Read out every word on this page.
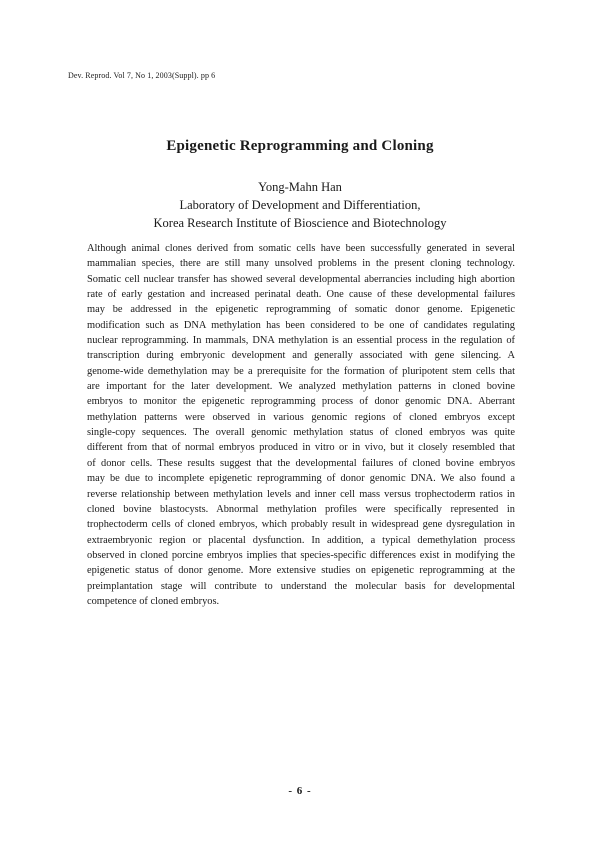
Dev. Reprod. Vol 7, No 1, 2003(Suppl). pp 6
Epigenetic Reprogramming and Cloning
Yong-Mahn Han
Laboratory of Development and Differentiation,
Korea Research Institute of Bioscience and Biotechnology
Although animal clones derived from somatic cells have been successfully generated in several
mammalian species, there are still many unsolved problems in the present cloning technology.
Somatic cell nuclear transfer has showed several developmental aberrancies including high abortion
rate of early gestation and increased perinatal death. One cause of these developmental failures
may be addressed in the epigenetic reprogramming of somatic donor genome. Epigenetic
modification such as DNA methylation has been considered to be one of candidates regulating
nuclear reprogramming. In mammals, DNA methylation is an essential process in the regulation of
transcription during embryonic development and generally associated with gene silencing. A
genome-wide demethylation may be a prerequisite for the formation of pluripotent stem cells that
are important for the later development. We analyzed methylation patterns in cloned bovine
embryos to monitor the epigenetic reprogramming process of donor genomic DNA. Aberrant
methylation patterns were observed in various genomic regions of cloned embryos except
single-copy sequences. The overall genomic methylation status of cloned embryos was quite
different from that of normal embryos produced in vitro or in vivo, but it closely resembled that
of donor cells. These results suggest that the developmental failures of cloned bovine embryos
may be due to incomplete epigenetic reprogramming of donor genomic DNA. We also found a
reverse relationship between methylation levels and inner cell mass versus trophectoderm ratios in
cloned bovine blastocysts. Abnormal methylation profiles were specifically represented in
trophectoderm cells of cloned embryos, which probably result in widespread gene dysregulation in
extraembryonic region or placental dysfunction. In addition, a typical demethylation process
observed in cloned porcine embryos implies that species-specific differences exist in modifying the
epigenetic status of donor genome. More extensive studies on epigenetic reprogramming at the
preimplantation stage will contribute to understand the molecular basis for developmental
competence of cloned embryos.
- 6 -
